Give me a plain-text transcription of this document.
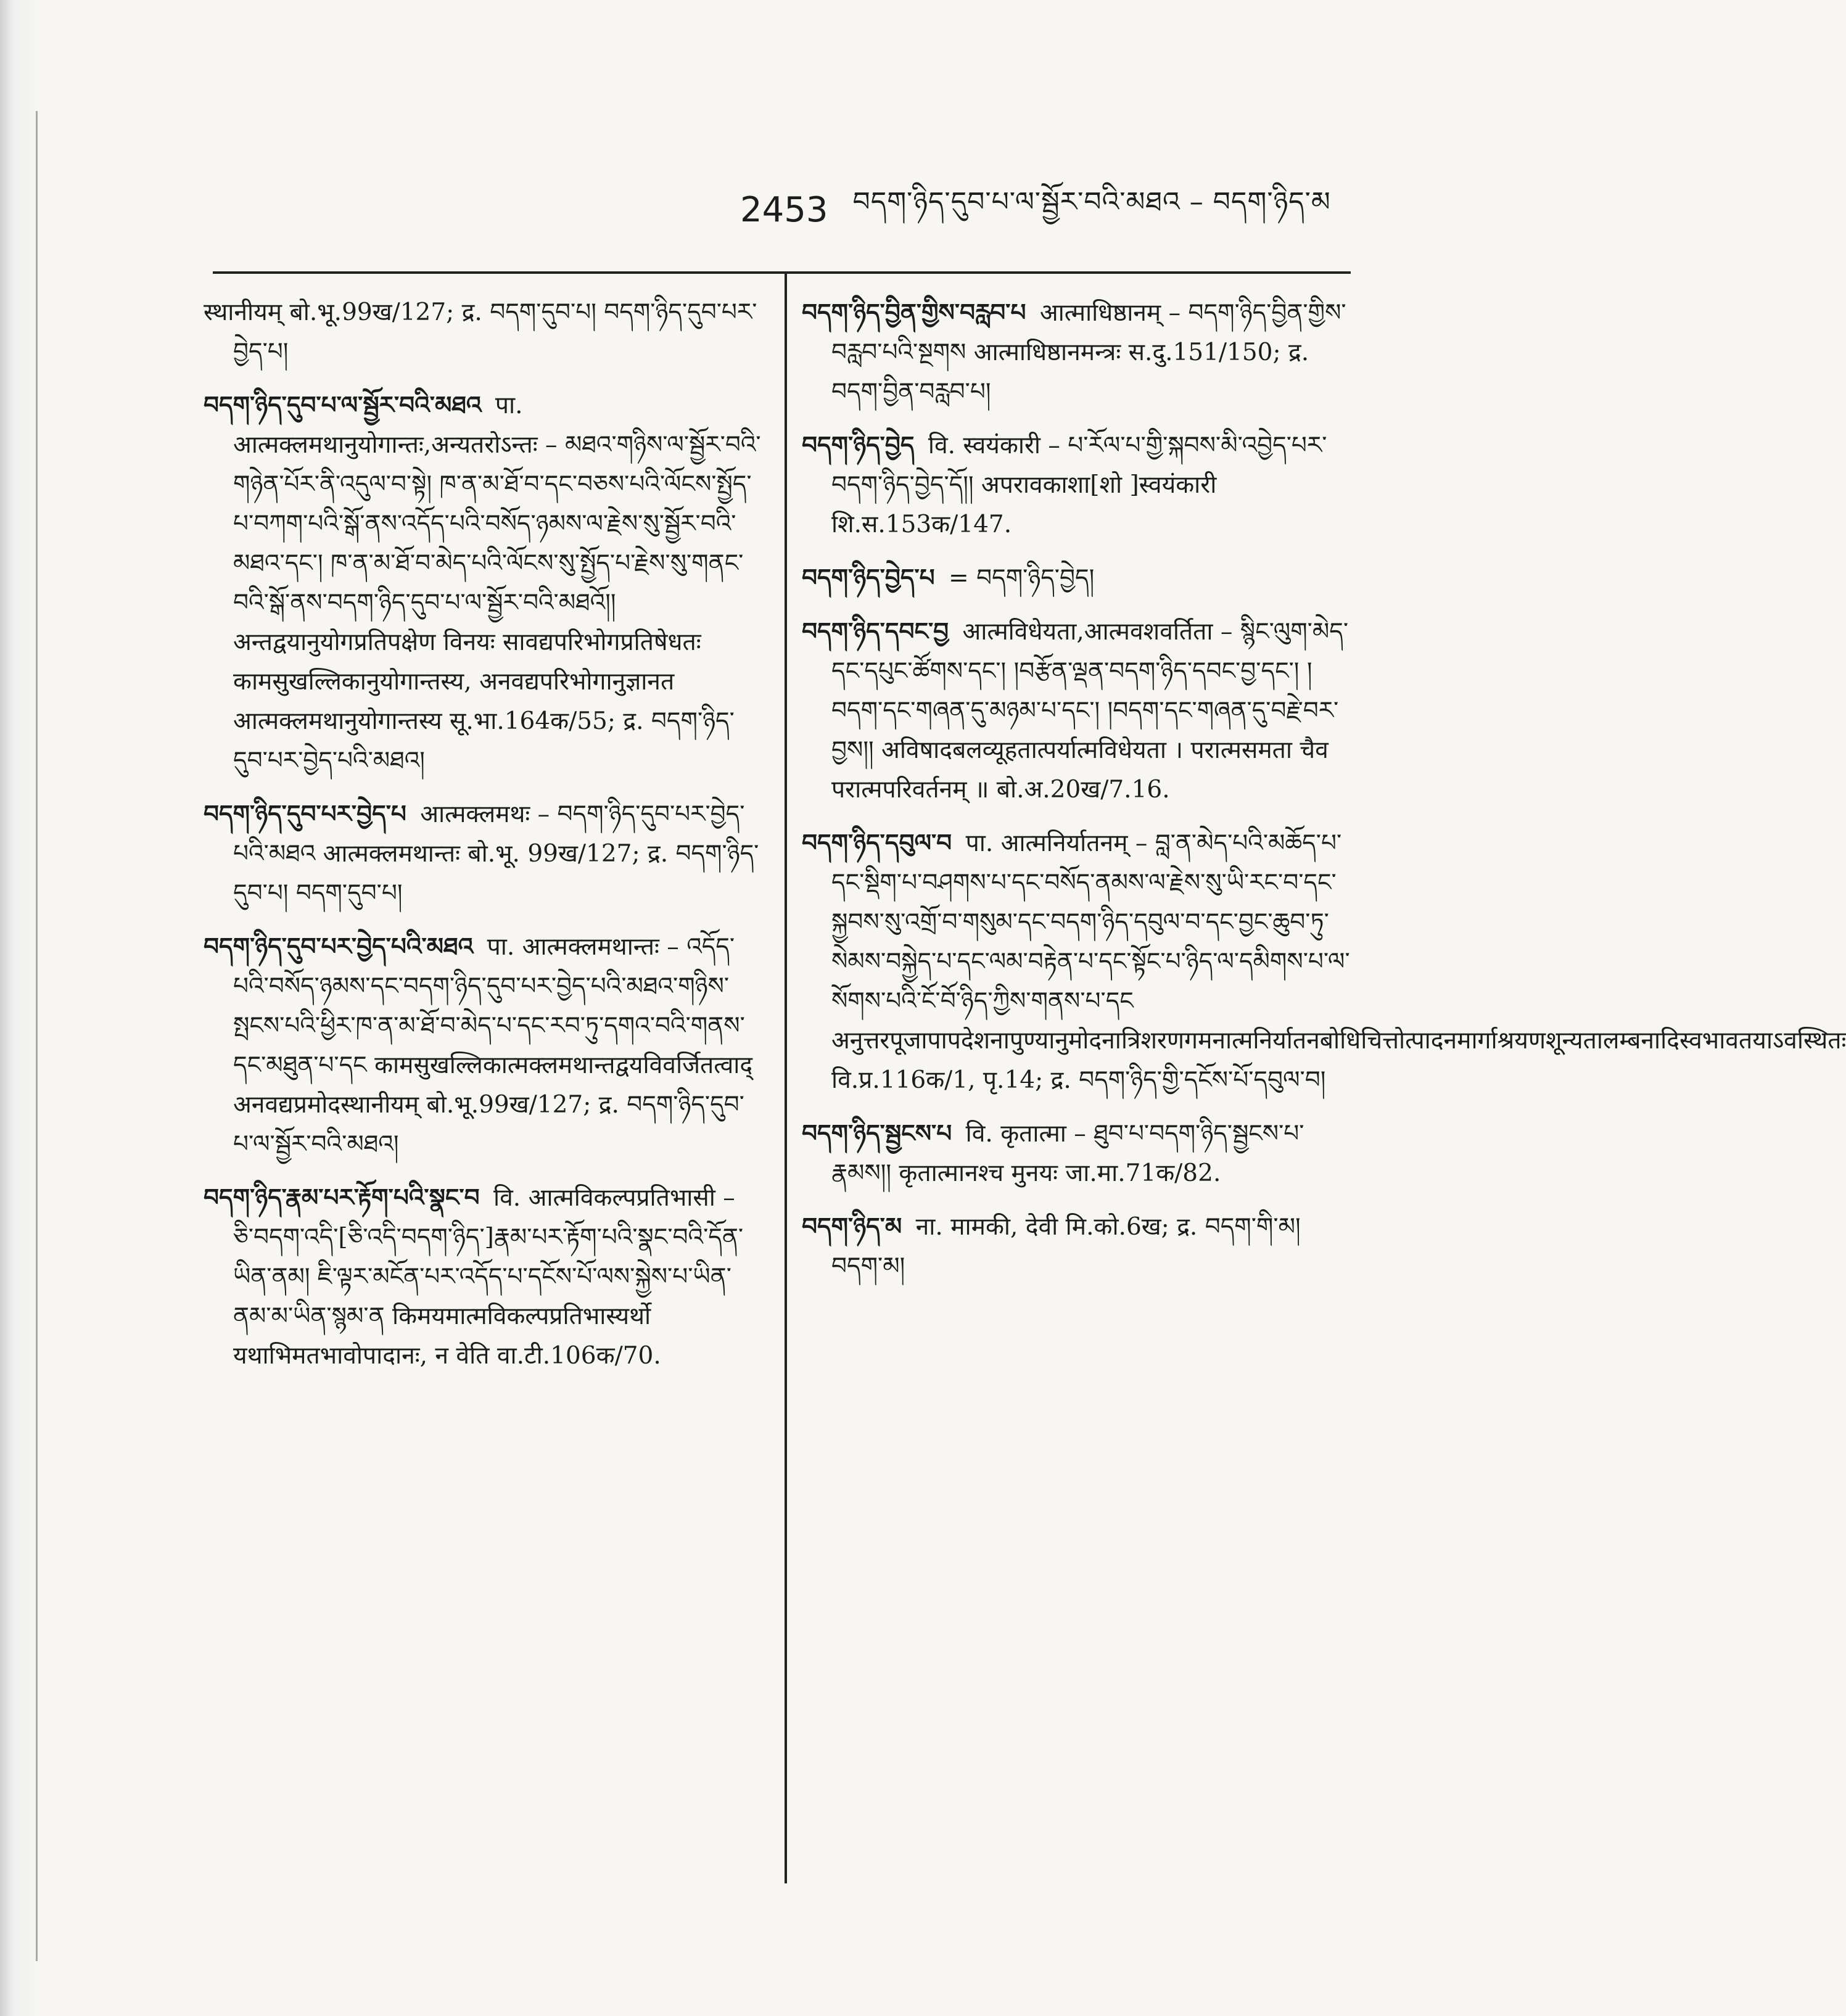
2453 བདག་ཉིད་དུབ་པ་ལ་སྦྱོར་བའི་མཐའ – བདག་ཉིད་མ

स्थानीयम् बो.भू.99ख/127; द्र. བདག་དུབ་པ། བདག་ཉིད་དུབ་པར་བྱེད་པ།

བདག་ཉིད་དུབ་པ་ལ་སྦྱོར་བའི་མཐའ पा. आत्मक्लमथानुयोगान्तः,अन्यतरोऽन्तः – མཐའ་གཉིས་ལ་སྦྱོར་བའི་གཉེན་པོར་ནི་འདུལ་བ་སྟེ། ཁ་ན་མ་ཐོ་བ་དང་བཅས་པའི་ལོངས་སྤྱོད་པ་བཀག་པའི་སྒོ་ནས་འདོད་པའི་བསོད་ཉམས་ལ་རྗེས་སུ་སྦྱོར་བའི་མཐའ་དང་། ཁ་ན་མ་ཐོ་བ་མེད་པའི་ལོངས་སུ་སྤྱོད་པ་རྗེས་སུ་གནང་བའི་སྒོ་ནས་བདག་ཉིད་དུབ་པ་ལ་སྦྱོར་བའི་མཐའོ།། अन्तद्वयानुयोगप्रतिपक्षेण विनयः सावद्यपरिभोगप्रतिषेधतः कामसुखल्लिकानुयोगान्तस्य, अनवद्यपरिभोगानुज्ञानत आत्मक्लमथानुयोगान्तस्य सू.भा.164क/55; द्र. བདག་ཉིད་དུབ་པར་བྱེད་པའི་མཐའ།

བདག་ཉིད་དུབ་པར་བྱེད་པ आत्मक्लमथः – བདག་ཉིད་དུབ་པར་བྱེད་པའི་མཐའ आत्मक्लमथान्तः बो.भू. 99ख/127; द्र. བདག་ཉིད་དུབ་པ། བདག་དུབ་པ།

བདག་ཉིད་དུབ་པར་བྱེད་པའི་མཐའ पा. आत्मक्लमथान्तः – འདོད་པའི་བསོད་ཉམས་དང་བདག་ཉིད་དུབ་པར་བྱེད་པའི་མཐའ་གཉིས་སྤངས་པའི་ཕྱིར་ཁ་ན་མ་ཐོ་བ་མེད་པ་དང་རབ་ཏུ་དགའ་བའི་གནས་དང་མཐུན་པ་དང कामसुखल्लिकात्मक्लमथान्तद्वयविवर्जितत्वाद् अनवद्यप्रमोदस्थानीयम् बो.भू.99ख/127; द्र. བདག་ཉིད་དུབ་པ་ལ་སྦྱོར་བའི་མཐའ།

བདག་ཉིད་རྣམ་པར་རྟོག་པའི་སྣང་བ वि. आत्मविकल्पप्रतिभासी – ཅི་བདག་འདི་[ཅི་འདི་བདག་ཉིད་]རྣམ་པར་རྟོག་པའི་སྣང་བའི་དོན་ཡིན་ནམ། ཇི་ལྟར་མངོན་པར་འདོད་པ་དངོས་པོ་ལས་སྐྱེས་པ་ཡིན་ནམ་མ་ཡིན་སྙམ་ན किमयमात्मविकल्पप्रतिभास्यर्थो यथाभिमतभावोपादानः, न वेति वा.टी.106क/70.

བདག་ཉིད་བྱིན་གྱིས་བརླབ་པ आत्माधिष्ठानम् – བདག་ཉིད་བྱིན་གྱིས་བརླབ་པའི་སྔགས आत्माधिष्ठानमन्त्रः स.दु.151/150; द्र. བདག་བྱིན་བརླབ་པ།

བདག་ཉིད་བྱེད वि. स्वयंकारी – པ་རོལ་པ་གྱི་སྐབས་མི་འབྱེད་པར་བདག་ཉིད་བྱེད་དོ།། अपरावकाशा[शो ]स्वयंकारी शि.स.153क/147.

བདག་ཉིད་བྱེད་པ = བདག་ཉིད་བྱེད།

བདག་ཉིད་དབང་བྱ आत्मविधेयता,आत्मवशवर्तिता – སྙིང་ལུག་མེད་དང་དཔུང་ཚོགས་དང་། །བརྩོན་ལྡན་བདག་ཉིད་དབང་བྱ་དང་། །བདག་དང་གཞན་དུ་མཉམ་པ་དང་། །བདག་དང་གཞན་དུ་བརྗེ་བར་བྱས།། अविषादबलव्यूहतात्पर्यात्मविधेयता । परात्मसमता चैव परात्मपरिवर्तनम् ॥ बो.अ.20ख/7.16.

བདག་ཉིད་དབུལ་བ पा. आत्मनिर्यातनम् – བླ་ན་མེད་པའི་མཆོད་པ་དང་སྡིག་པ་བཤགས་པ་དང་བསོད་ནམས་ལ་རྗེས་སུ་ཡི་རང་བ་དང་སྐྱབས་སུ་འགྲོ་བ་གསུམ་དང་བདག་ཉིད་དབུལ་བ་དང་བྱང་ཆུབ་ཏུ་སེམས་བསྐྱེད་པ་དང་ལམ་བརྟེན་པ་དང་སྟོང་པ་ཉིད་ལ་དམིགས་པ་ལ་སོགས་པའི་ངོ་བོ་ཉིད་ཀྱིས་གནས་པ་དང अनुत्तरपूजापापदेशनापुण्यानुमोदनात्रिशरणगमनात्मनिर्यातनबोधिचित्तोत्पादनमार्गाश्रयणशून्यतालम्बनादिस्वभावतयाऽवस्थितः वि.प्र.116क/1, पृ.14; द्र. བདག་ཉིད་གྱི་དངོས་པོ་དབུལ་བ།

བདག་ཉིད་སྦྱངས་པ वि. कृतात्मा – ཐུབ་པ་བདག་ཉིད་སྦྱངས་པ་རྣམས།། कृतात्मानश्च मुनयः जा.मा.71क/82.

བདག་ཉིད་མ ना. मामकी, देवी मि.को.6ख; द्र. བདག་གི་མ། བདག་མ།
